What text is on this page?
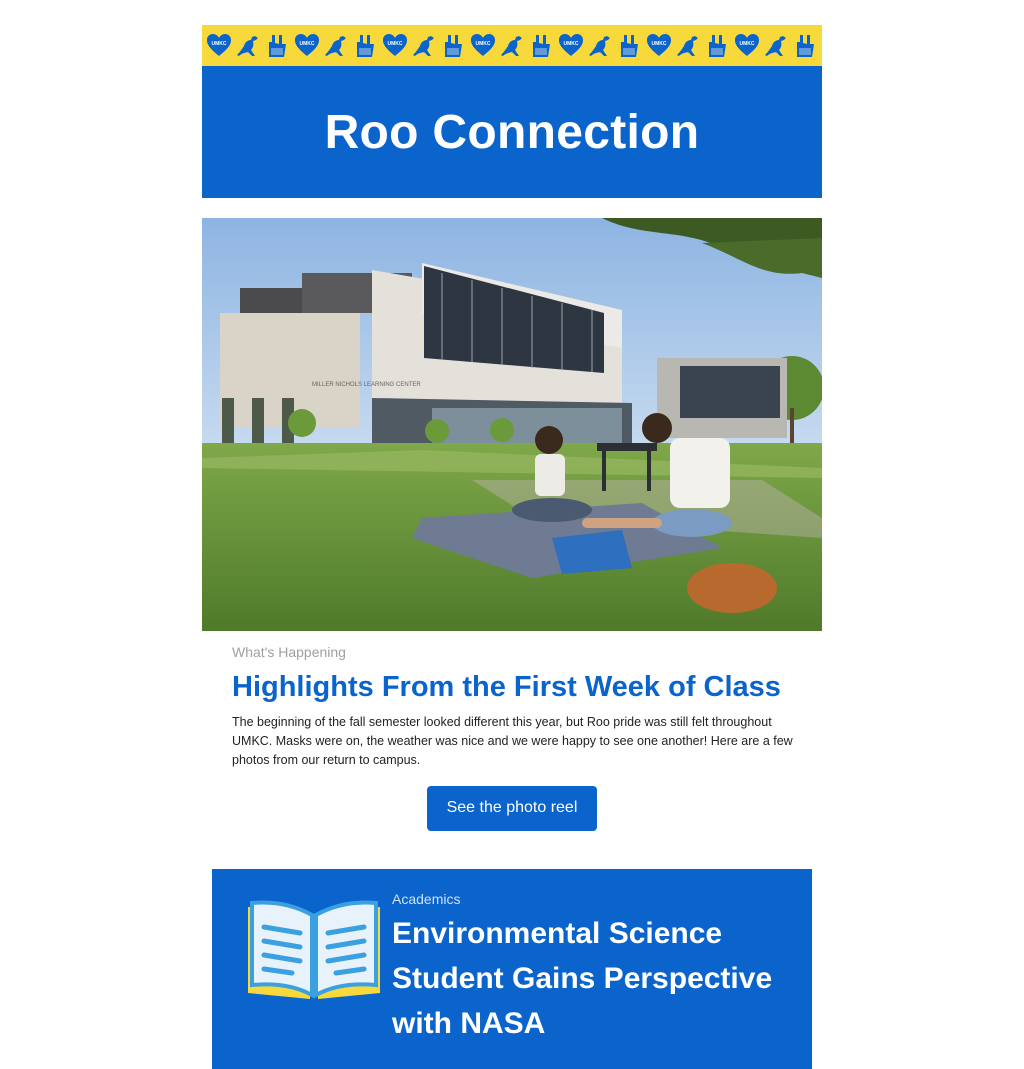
UMKC	UMKC	UMKC	UMKC	UMKC	UMKC	UMKC
Roo Connection
MILLER NICHOLS LEARNING CENTER
What's Happening
Highlights From the First Week of Class

The beginning of the fall semester looked different this year, but Roo pride was still felt throughout UMKC. Masks were on, the weather was nice and we were happy to see one another! Here are a few photos from our return to campus.

See the photo reel
Academics
Environmental Science Student Gains Perspective with NASA
